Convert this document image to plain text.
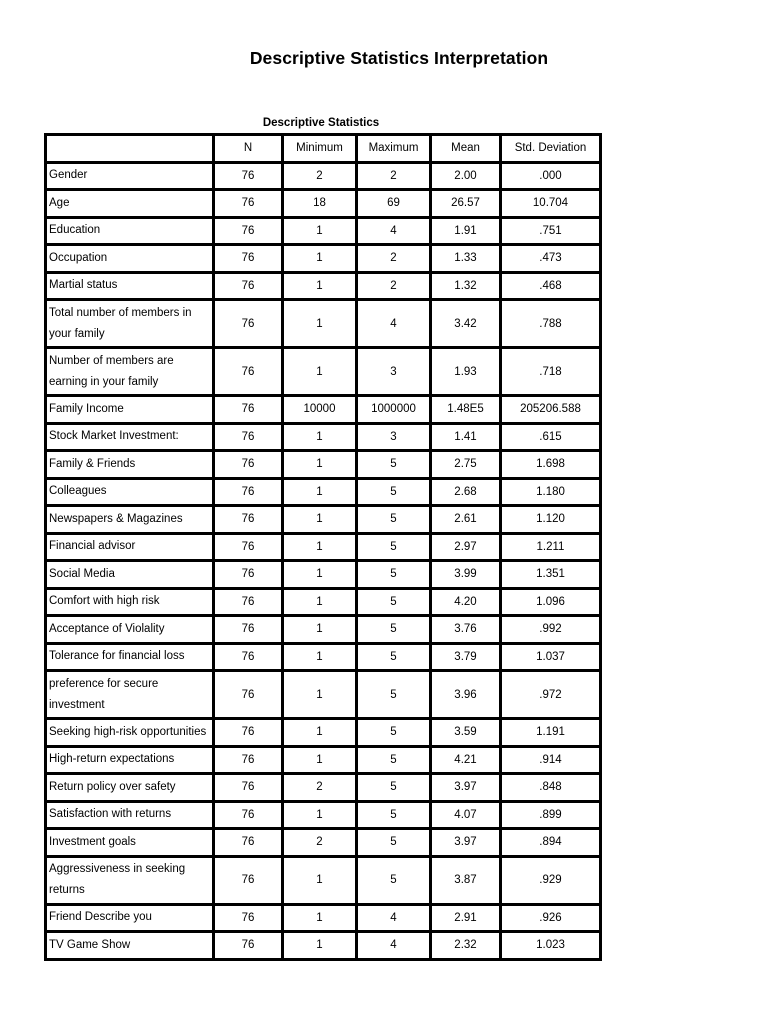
Descriptive Statistics Interpretation
Descriptive Statistics
	N	Minimum	Maximum	Mean	Std. Deviation
Gender	76	2	2	2.00	.000
Age	76	18	69	26.57	10.704
Education	76	1	4	1.91	.751
Occupation	76	1	2	1.33	.473
Martial status	76	1	2	1.32	.468
Total number of members in your family	76	1	4	3.42	.788
Number of members are earning in your family	76	1	3	1.93	.718
Family Income	76	10000	1000000	1.48E5	205206.588
Stock Market Investment:	76	1	3	1.41	.615
Family & Friends	76	1	5	2.75	1.698
Colleagues	76	1	5	2.68	1.180
Newspapers & Magazines	76	1	5	2.61	1.120
Financial advisor	76	1	5	2.97	1.211
Social Media	76	1	5	3.99	1.351
Comfort with high risk	76	1	5	4.20	1.096
Acceptance of Violality	76	1	5	3.76	.992
Tolerance for financial loss	76	1	5	3.79	1.037
preference for secure investment	76	1	5	3.96	.972
Seeking high-risk opportunities	76	1	5	3.59	1.191
High-return expectations	76	1	5	4.21	.914
Return policy over safety	76	2	5	3.97	.848
Satisfaction with returns	76	1	5	4.07	.899
Investment goals	76	2	5	3.97	.894
Aggressiveness in seeking returns	76	1	5	3.87	.929
Friend Describe you	76	1	4	2.91	.926
TV Game Show	76	1	4	2.32	1.023
